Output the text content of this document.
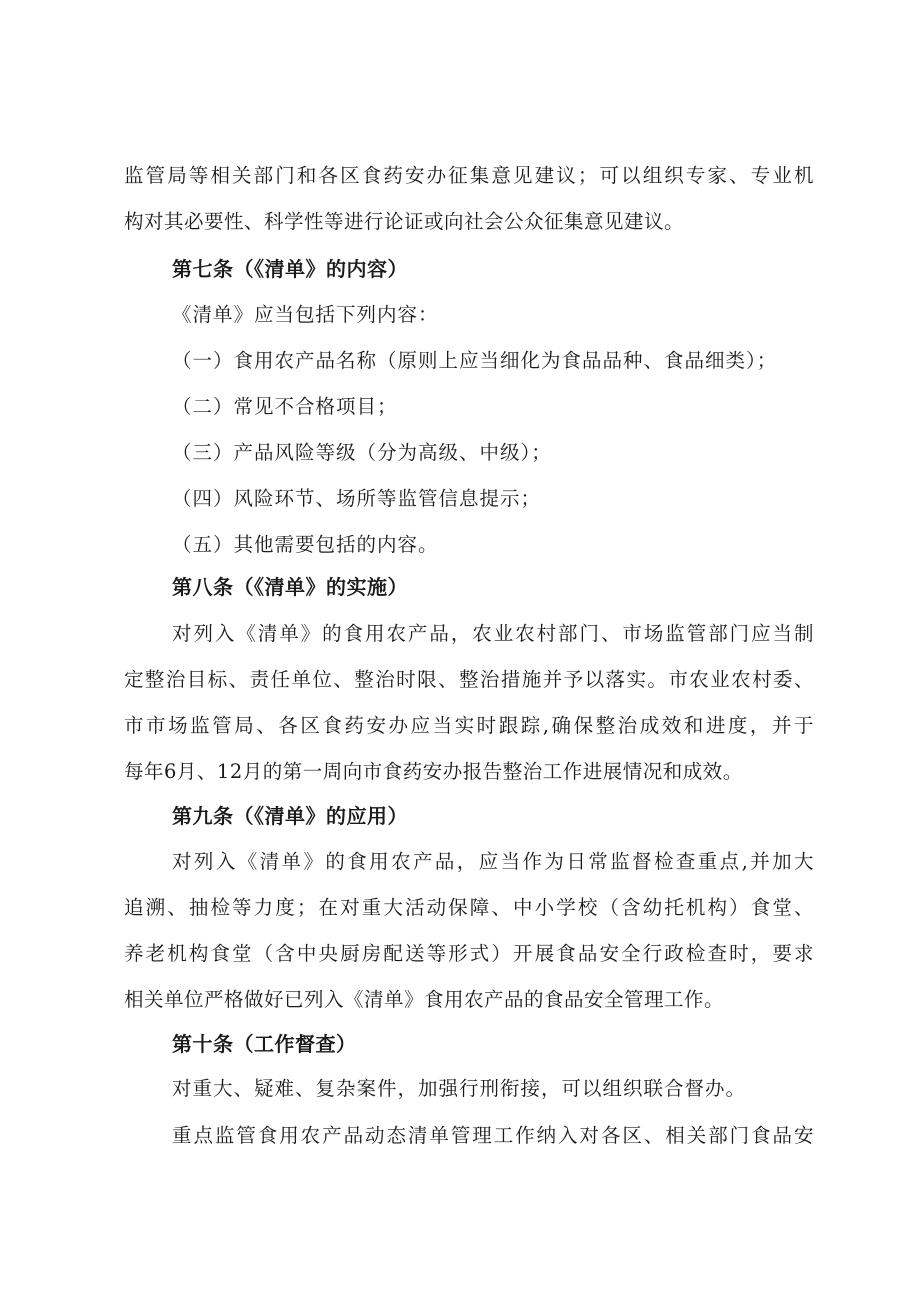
监管局等相关部门和各区食药安办征集意见建议；可以组织专家、专业机
构对其必要性、科学性等进行论证或向社会公众征集意见建议。
第七条（《清单》的内容）
《清单》应当包括下列内容：
（一）食用农产品名称（原则上应当细化为食品品种、食品细类）；
（二）常见不合格项目；
（三）产品风险等级（分为高级、中级）；
（四）风险环节、场所等监管信息提示；
（五）其他需要包括的内容。
第八条（《清单》的实施）
对列入《清单》的食用农产品，农业农村部门、市场监管部门应当制
定整治目标、责任单位、整治时限、整治措施并予以落实。市农业农村委、
市市场监管局、各区食药安办应当实时跟踪,确保整治成效和进度，并于
每年6月、12月的第一周向市食药安办报告整治工作进展情况和成效。
第九条（《清单》的应用）
对列入《清单》的食用农产品，应当作为日常监督检查重点,并加大
追溯、抽检等力度；在对重大活动保障、中小学校（含幼托机构）食堂、
养老机构食堂（含中央厨房配送等形式）开展食品安全行政检查时，要求
相关单位严格做好已列入《清单》食用农产品的食品安全管理工作。
第十条（工作督查）
对重大、疑难、复杂案件，加强行刑衔接，可以组织联合督办。
重点监管食用农产品动态清单管理工作纳入对各区、相关部门食品安
